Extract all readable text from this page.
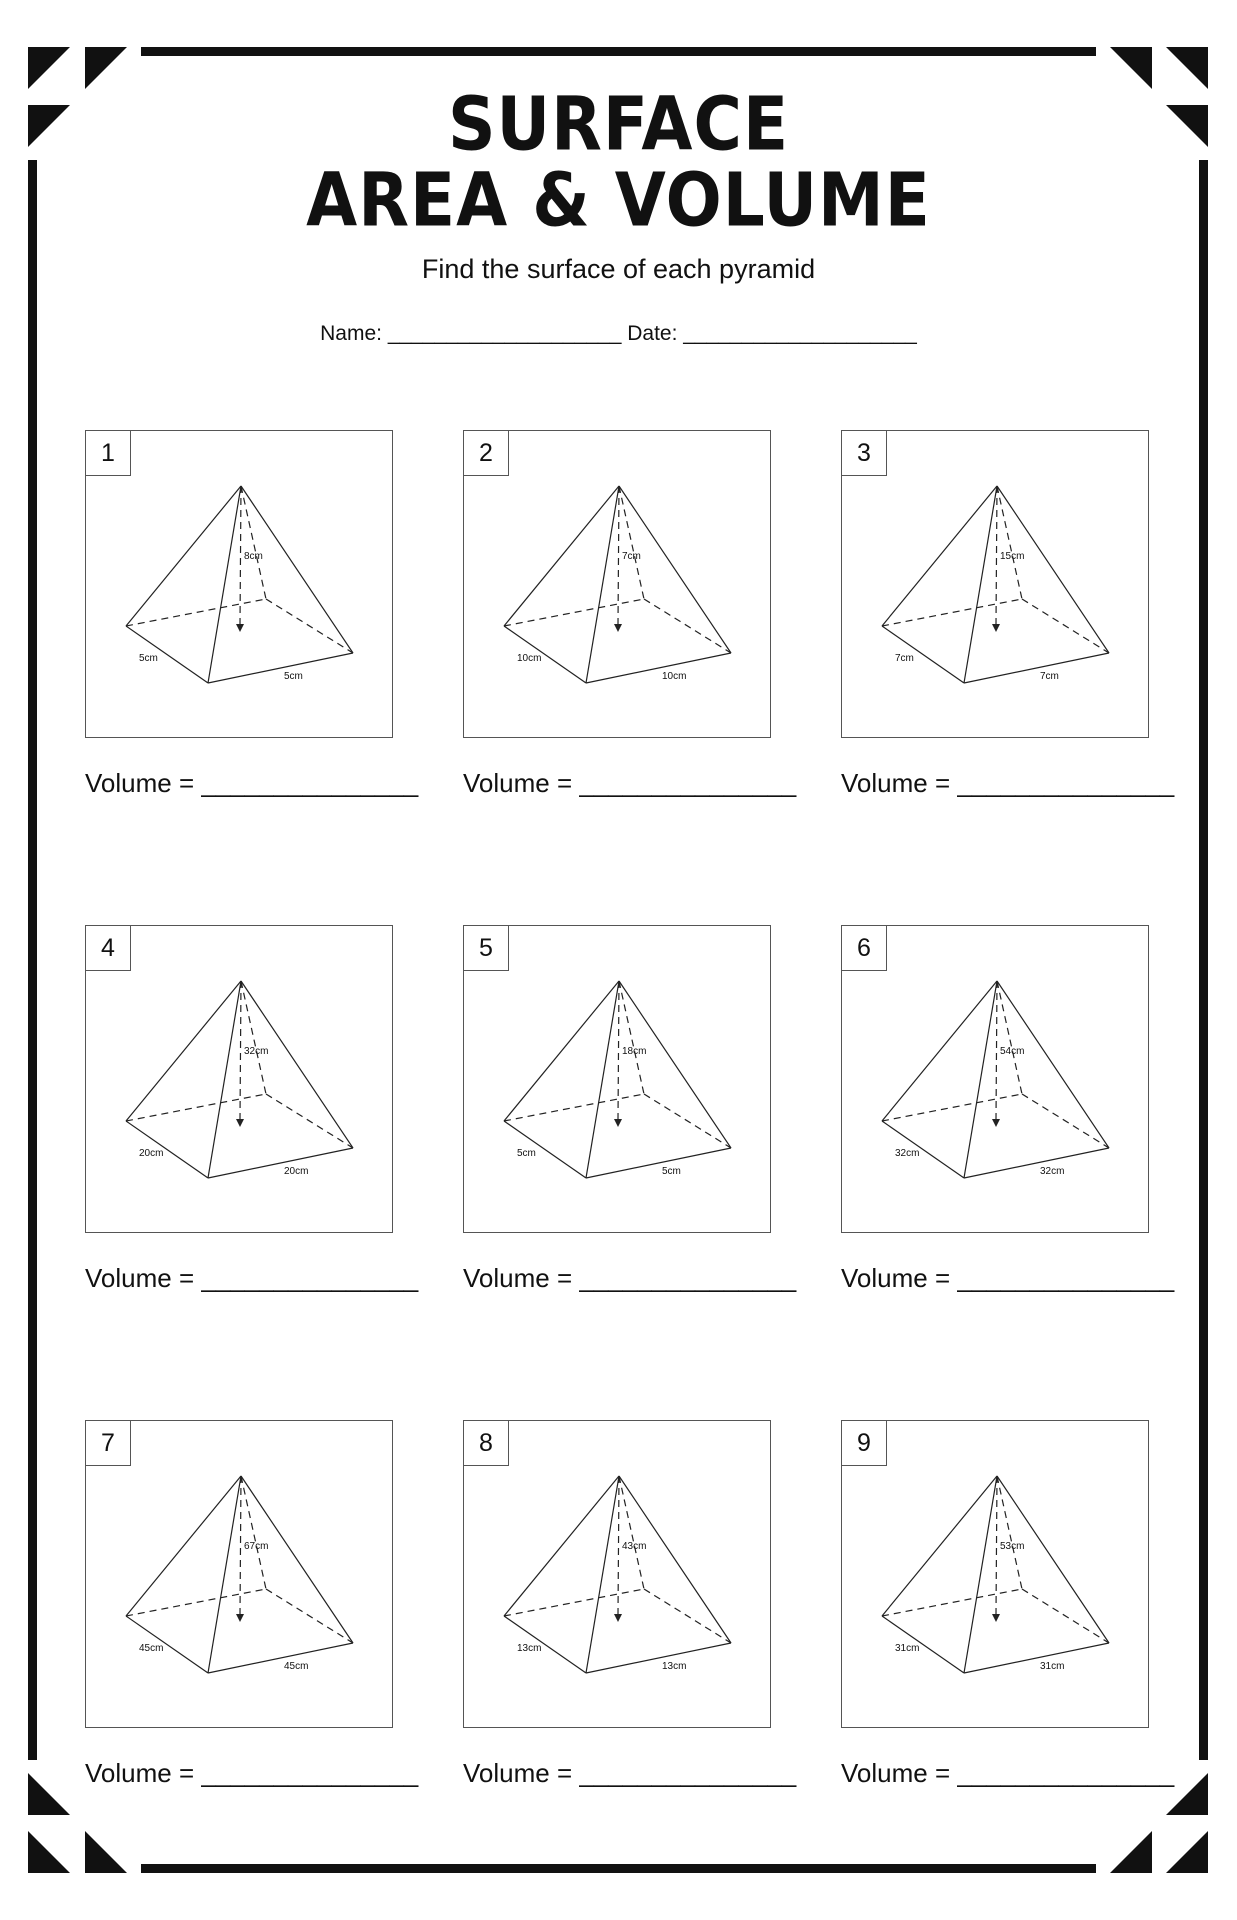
SURFACE
AREA & VOLUME
Find the surface of each pyramid
Name: ____________________ Date: ____________________
1
8cm
5cm
5cm
Volume = _______________
2
7cm
10cm
10cm
Volume = _______________
3
15cm
7cm
7cm
Volume = _______________
4
32cm
20cm
20cm
Volume = _______________
5
18cm
5cm
5cm
Volume = _______________
6
54cm
32cm
32cm
Volume = _______________
7
67cm
45cm
45cm
Volume = _______________
8
43cm
13cm
13cm
Volume = _______________
9
53cm
31cm
31cm
Volume = _______________
